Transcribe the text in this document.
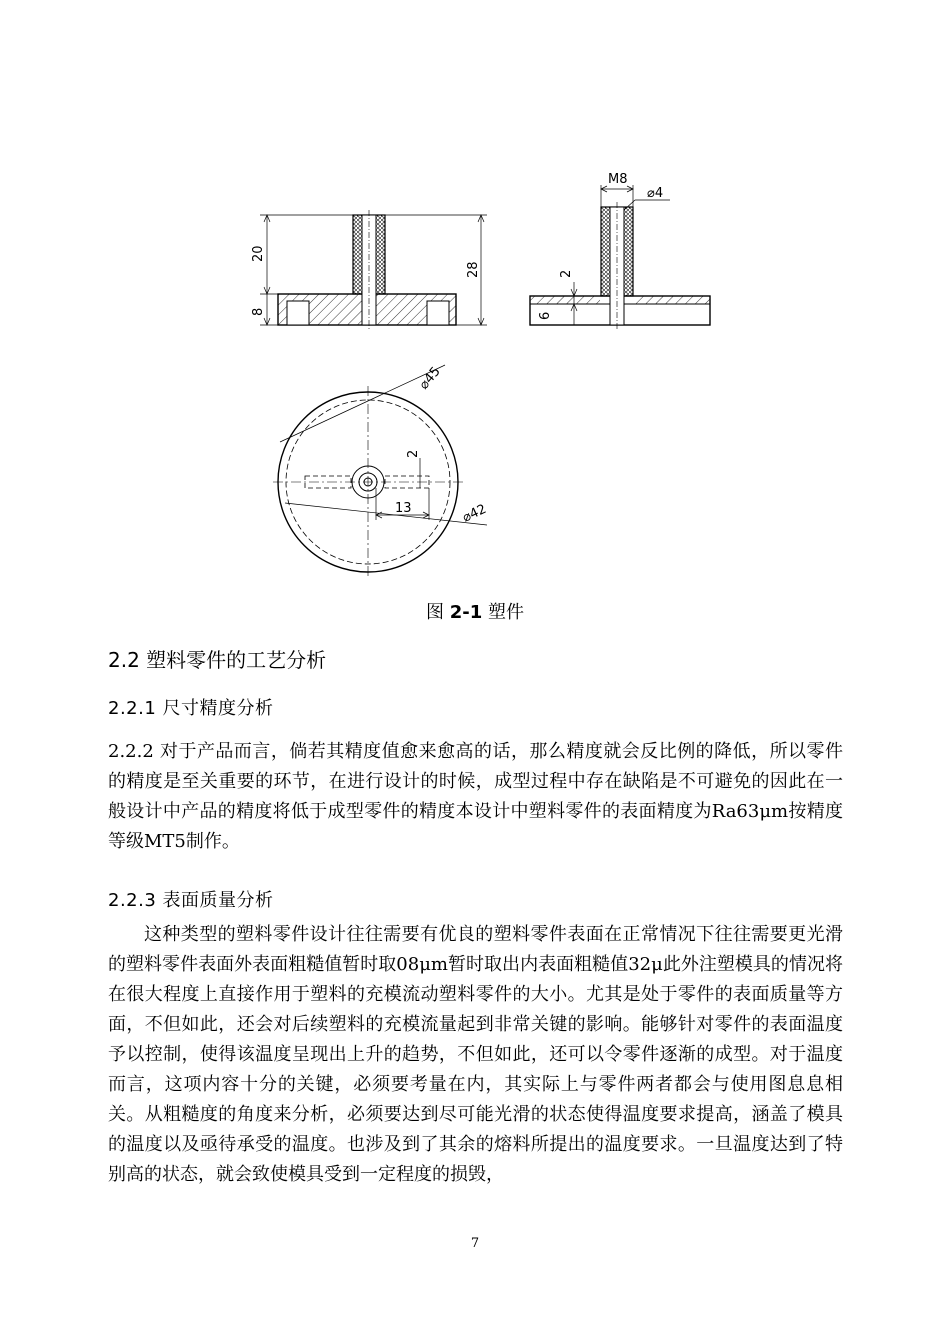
20
8
28
M8
⌀4
2
6
⌀45
⌀42
2
13
图 2-1 塑件
2.2 塑料零件的工艺分析
2.2.1 尺寸精度分析
2.2.2 对于产品而言，倘若其精度值愈来愈高的话，那么精度就会反比例的降低，所以零件的精度是至关重要的环节，在进行设计的时候，成型过程中存在缺陷是不可避免的因此在一般设计中产品的精度将低于成型零件的精度本设计中塑料零件的表面精度为Ra63μm按精度等级MT5制作。
2.2.3 表面质量分析
这种类型的塑料零件设计往往需要有优良的塑料零件表面在正常情况下往往需要更光滑的塑料零件表面外表面粗糙值暂时取08μm暂时取出内表面粗糙值32μ此外注塑模具的情况将在很大程度上直接作用于塑料的充模流动塑料零件的大小。尤其是处于零件的表面质量等方面，不但如此，还会对后续塑料的充模流量起到非常关键的影响。能够针对零件的表面温度予以控制，使得该温度呈现出上升的趋势，不但如此，还可以令零件逐渐的成型。对于温度而言，这项内容十分的关键，必须要考量在内，其实际上与零件两者都会与使用图息息相关。从粗糙度的角度来分析，必须要达到尽可能光滑的状态使得温度要求提高，涵盖了模具的温度以及亟待承受的温度。也涉及到了其余的熔料所提出的温度要求。一旦温度达到了特别高的状态，就会致使模具受到一定程度的损毁，
7
